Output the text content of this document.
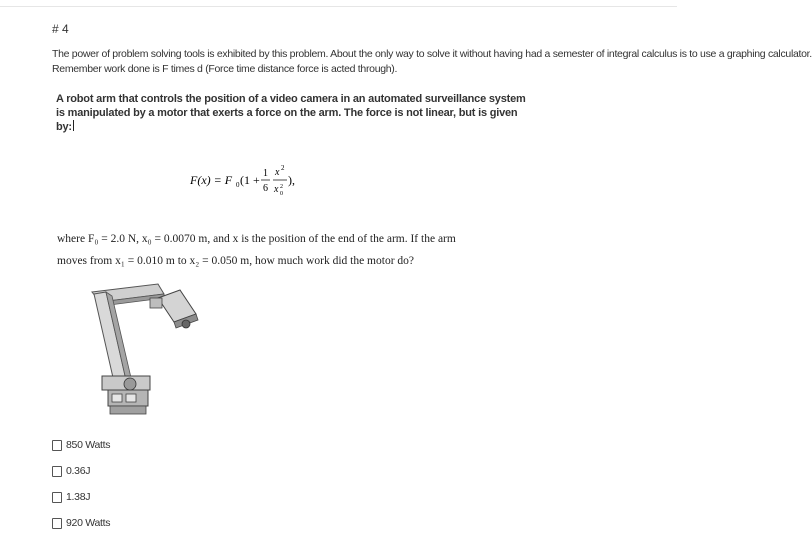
# 4
The power of problem solving tools is exhibited by this problem. About the only way to solve it without having had a semester of integral calculus is to use a graphing calculator.
Remember work done is F times d (Force time distance force is acted through).
A robot arm that controls the position of a video camera in an automated surveillance system
is manipulated by a motor that exerts a force on the arm. The force is not linear, but is given
by:
F(x) = F 0 (1 + 1
6
x 2
x 0
2 ),
where F₀ = 2.0 N, x₀ = 0.0070 m, and x is the position of the end of the arm. If the arm
moves from x₁ = 0.010 m to x₂ = 0.050 m, how much work did the motor do?
850 Watts
0.36J
1.38J
920 Watts
